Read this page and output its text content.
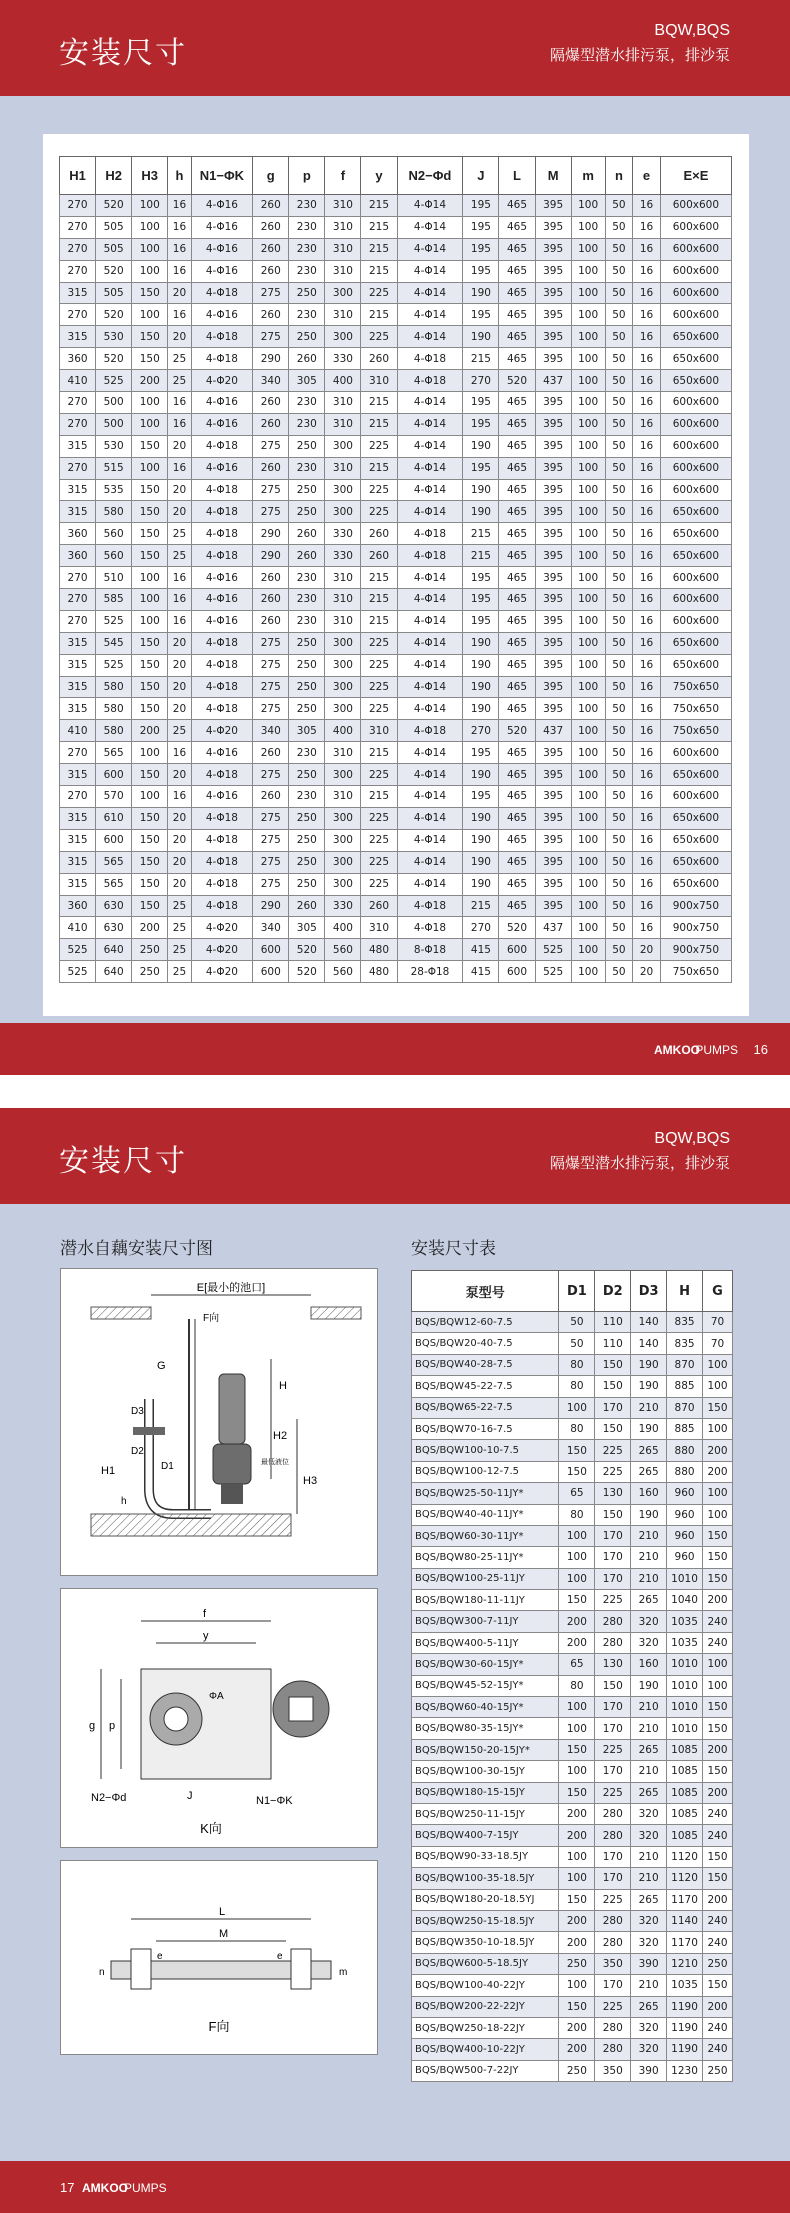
安装尺寸
BQW,BQS
隔爆型潜水排污泵，排沙泵
H1	H2	H3	h	N1−ΦK	g	p	f	y	N2−Φd	J	L	M	m	n	e	E×E
270	520	100	16	4-Φ16	260	230	310	215	4-Φ14	195	465	395	100	50	16	600x600
270	505	100	16	4-Φ16	260	230	310	215	4-Φ14	195	465	395	100	50	16	600x600
270	505	100	16	4-Φ16	260	230	310	215	4-Φ14	195	465	395	100	50	16	600x600
270	520	100	16	4-Φ16	260	230	310	215	4-Φ14	195	465	395	100	50	16	600x600
315	505	150	20	4-Φ18	275	250	300	225	4-Φ14	190	465	395	100	50	16	600x600
270	520	100	16	4-Φ16	260	230	310	215	4-Φ14	195	465	395	100	50	16	600x600
315	530	150	20	4-Φ18	275	250	300	225	4-Φ14	190	465	395	100	50	16	650x600
360	520	150	25	4-Φ18	290	260	330	260	4-Φ18	215	465	395	100	50	16	650x600
410	525	200	25	4-Φ20	340	305	400	310	4-Φ18	270	520	437	100	50	16	650x600
270	500	100	16	4-Φ16	260	230	310	215	4-Φ14	195	465	395	100	50	16	600x600
270	500	100	16	4-Φ16	260	230	310	215	4-Φ14	195	465	395	100	50	16	600x600
315	530	150	20	4-Φ18	275	250	300	225	4-Φ14	190	465	395	100	50	16	600x600
270	515	100	16	4-Φ16	260	230	310	215	4-Φ14	195	465	395	100	50	16	600x600
315	535	150	20	4-Φ18	275	250	300	225	4-Φ14	190	465	395	100	50	16	600x600
315	580	150	20	4-Φ18	275	250	300	225	4-Φ14	190	465	395	100	50	16	650x600
360	560	150	25	4-Φ18	290	260	330	260	4-Φ18	215	465	395	100	50	16	650x600
360	560	150	25	4-Φ18	290	260	330	260	4-Φ18	215	465	395	100	50	16	650x600
270	510	100	16	4-Φ16	260	230	310	215	4-Φ14	195	465	395	100	50	16	600x600
270	585	100	16	4-Φ16	260	230	310	215	4-Φ14	195	465	395	100	50	16	600x600
270	525	100	16	4-Φ16	260	230	310	215	4-Φ14	195	465	395	100	50	16	600x600
315	545	150	20	4-Φ18	275	250	300	225	4-Φ14	190	465	395	100	50	16	650x600
315	525	150	20	4-Φ18	275	250	300	225	4-Φ14	190	465	395	100	50	16	650x600
315	580	150	20	4-Φ18	275	250	300	225	4-Φ14	190	465	395	100	50	16	750x650
315	580	150	20	4-Φ18	275	250	300	225	4-Φ14	190	465	395	100	50	16	750x650
410	580	200	25	4-Φ20	340	305	400	310	4-Φ18	270	520	437	100	50	16	750x650
270	565	100	16	4-Φ16	260	230	310	215	4-Φ14	195	465	395	100	50	16	600x600
315	600	150	20	4-Φ18	275	250	300	225	4-Φ14	190	465	395	100	50	16	650x600
270	570	100	16	4-Φ16	260	230	310	215	4-Φ14	195	465	395	100	50	16	600x600
315	610	150	20	4-Φ18	275	250	300	225	4-Φ14	190	465	395	100	50	16	650x600
315	600	150	20	4-Φ18	275	250	300	225	4-Φ14	190	465	395	100	50	16	650x600
315	565	150	20	4-Φ18	275	250	300	225	4-Φ14	190	465	395	100	50	16	650x600
315	565	150	20	4-Φ18	275	250	300	225	4-Φ14	190	465	395	100	50	16	650x600
360	630	150	25	4-Φ18	290	260	330	260	4-Φ18	215	465	395	100	50	16	900x750
410	630	200	25	4-Φ20	340	305	400	310	4-Φ18	270	520	437	100	50	16	900x750
525	640	250	25	4-Φ20	600	520	560	480	8-Φ18	415	600	525	100	50	20	900x750
525	640	250	25	4-Φ20	600	520	560	480	28-Φ18	415	600	525	100	50	20	750x650
AMKOO
PUMPS 16
安装尺寸
BQW,BQS
隔爆型潜水排污泵，排沙泵
17 AMKOO
PUMPS
潜水自藕安装尺寸图	安装尺寸表
E[最小的池口]
F向
G
D3
D2
D1
H1
h
H
H2
H3
最低液位
f
y
g p
ΦA
J
N2−Φd	N1−ΦK
K向
L
M
e	e
n	m
F向
泵型号	D1	D2	D3	H	G
BQS/BQW12-60-7.5	50	110	140	835	70
BQS/BQW20-40-7.5	50	110	140	835	70
BQS/BQW40-28-7.5	80	150	190	870	100
BQS/BQW45-22-7.5	80	150	190	885	100
BQS/BQW65-22-7.5	100	170	210	870	150
BQS/BQW70-16-7.5	80	150	190	885	100
BQS/BQW100-10-7.5	150	225	265	880	200
BQS/BQW100-12-7.5	150	225	265	880	200
BQS/BQW25-50-11JY*	65	130	160	960	100
BQS/BQW40-40-11JY*	80	150	190	960	100
BQS/BQW60-30-11JY*	100	170	210	960	150
BQS/BQW80-25-11JY*	100	170	210	960	150
BQS/BQW100-25-11JY	100	170	210	1010	150
BQS/BQW180-11-11JY	150	225	265	1040	200
BQS/BQW300-7-11JY	200	280	320	1035	240
BQS/BQW400-5-11JY	200	280	320	1035	240
BQS/BQW30-60-15JY*	65	130	160	1010	100
BQS/BQW45-52-15JY*	80	150	190	1010	100
BQS/BQW60-40-15JY*	100	170	210	1010	150
BQS/BQW80-35-15JY*	100	170	210	1010	150
BQS/BQW150-20-15JY*	150	225	265	1085	200
BQS/BQW100-30-15JY	100	170	210	1085	150
BQS/BQW180-15-15JY	150	225	265	1085	200
BQS/BQW250-11-15JY	200	280	320	1085	240
BQS/BQW400-7-15JY	200	280	320	1085	240
BQS/BQW90-33-18.5JY	100	170	210	1120	150
BQS/BQW100-35-18.5JY	100	170	210	1120	150
BQS/BQW180-20-18.5YJ	150	225	265	1170	200
BQS/BQW250-15-18.5JY	200	280	320	1140	240
BQS/BQW350-10-18.5JY	200	280	320	1170	240
BQS/BQW600-5-18.5JY	250	350	390	1210	250
BQS/BQW100-40-22JY	100	170	210	1035	150
BQS/BQW200-22-22JY	150	225	265	1190	200
BQS/BQW250-18-22JY	200	280	320	1190	240
BQS/BQW400-10-22JY	200	280	320	1190	240
BQS/BQW500-7-22JY	250	350	390	1230	250
